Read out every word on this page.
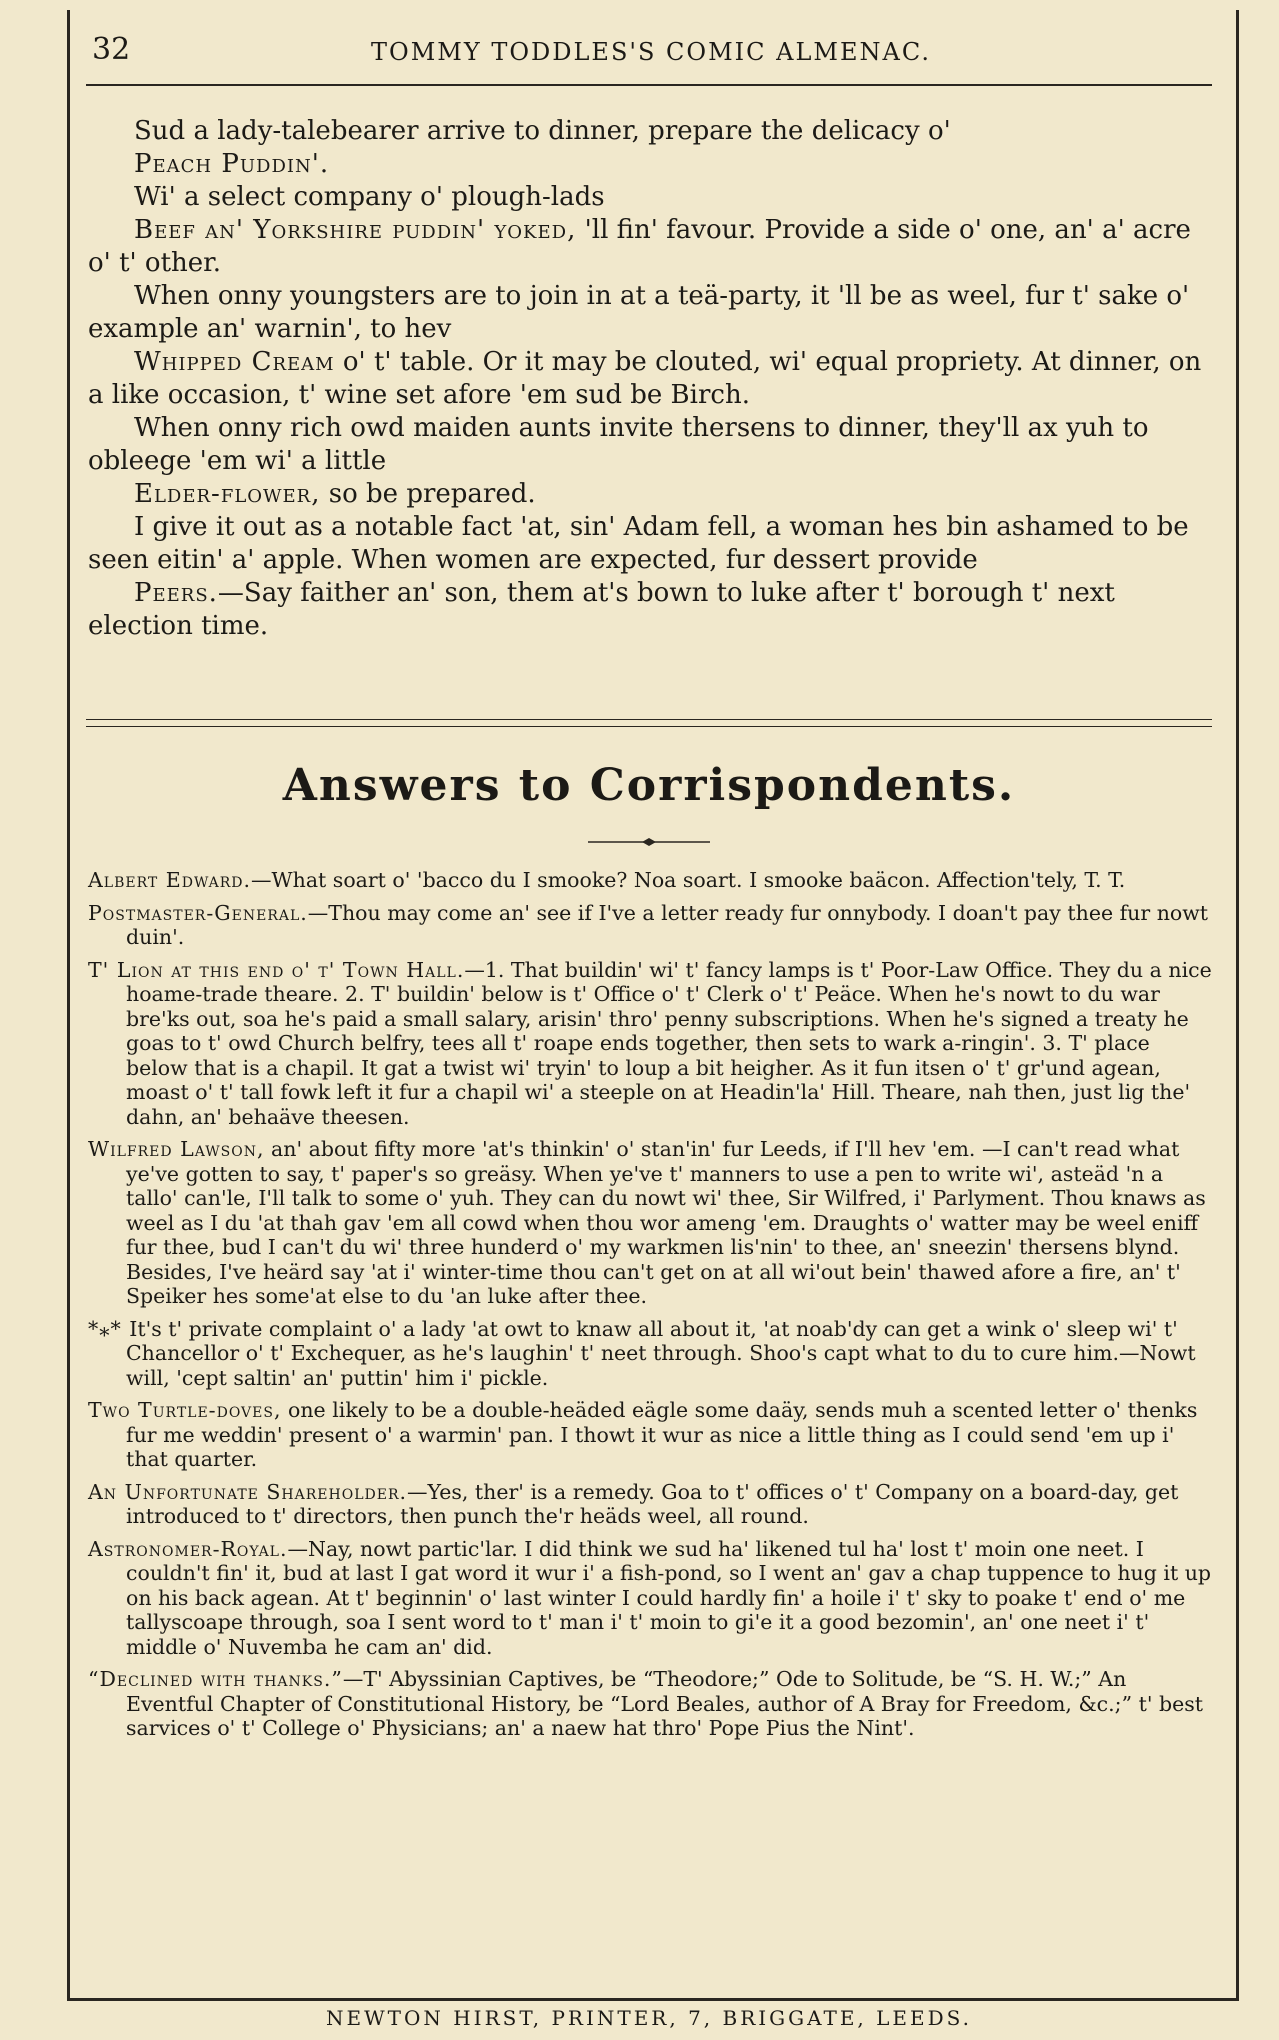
32	TOMMY TODDLES'S COMIC ALMENAC.

Sud a lady-talebearer arrive to dinner, prepare the delicacy o'

Peach Puddin'.

Wi' a select company o' plough-lads

Beef an' Yorkshire puddin' yoked, 'll fin' favour. Provide a side o' one, an' a' acre o' t' other.

When onny youngsters are to join in at a teä-party, it 'll be as weel, fur t' sake o' example an' warnin', to hev

Whipped Cream o' t' table. Or it may be clouted, wi' equal propriety. At dinner, on a like occasion, t' wine set afore 'em sud be Birch.

When onny rich owd maiden aunts invite thersens to dinner, they'll ax yuh to obleege 'em wi' a little

Elder-flower, so be prepared.

I give it out as a notable fact 'at, sin' Adam fell, a woman hes bin ashamed to be seen eitin' a' apple. When women are expected, fur dessert provide

Peers.—Say faither an' son, them at's bown to luke after t' borough t' next election time.

Answers to Corrispondents.

Albert Edward.—What soart o' 'bacco du I smooke? Noa soart. I smooke baäcon. Affection'tely, T. T.

Postmaster-General.—Thou may come an' see if I've a letter ready fur onnybody. I doan't pay thee fur nowt duin'.

T' Lion at this end o' t' Town Hall.—1. That buildin' wi' t' fancy lamps is t' Poor-Law Office. They du a nice hoame-trade theare. 2. T' buildin' below is t' Office o' t' Clerk o' t' Peäce. When he's nowt to du war bre'ks out, soa he's paid a small salary, arisin' thro' penny subscriptions. When he's signed a treaty he goas to t' owd Church belfry, tees all t' roape ends together, then sets to wark a-ringin'. 3. T' place below that is a chapil. It gat a twist wi' tryin' to loup a bit heigher. As it fun itsen o' t' gr'und agean, moast o' t' tall fowk left it fur a chapil wi' a steeple on at Headin'la' Hill. Theare, nah then, just lig the' dahn, an' behaäve theesen.

Wilfred Lawson, an' about fifty more 'at's thinkin' o' stan'in' fur Leeds, if I'll hev 'em. —I can't read what ye've gotten to say, t' paper's so greäsy. When ye've t' manners to use a pen to write wi', asteäd 'n a tallo' can'le, I'll talk to some o' yuh. They can du nowt wi' thee, Sir Wilfred, i' Parlyment. Thou knaws as weel as I du 'at thah gav 'em all cowd when thou wor ameng 'em. Draughts o' watter may be weel eniff fur thee, bud I can't du wi' three hunderd o' my warkmen lis'nin' to thee, an' sneezin' thersens blynd. Besides, I've heärd say 'at i' winter-time thou can't get on at all wi'out bein' thawed afore a fire, an' t' Speiker hes some'at else to du 'an luke after thee.

*⁎* It's t' private complaint o' a lady 'at owt to knaw all about it, 'at noab'dy can get a wink o' sleep wi' t' Chancellor o' t' Exchequer, as he's laughin' t' neet through. Shoo's capt what to du to cure him.—Nowt will, 'cept saltin' an' puttin' him i' pickle.

Two Turtle-doves, one likely to be a double-heäded eägle some daäy, sends muh a scented letter o' thenks fur me weddin' present o' a warmin' pan. I thowt it wur as nice a little thing as I could send 'em up i' that quarter.

An Unfortunate Shareholder.—Yes, ther' is a remedy. Goa to t' offices o' t' Company on a board-day, get introduced to t' directors, then punch the'r heäds weel, all round.

Astronomer-Royal.—Nay, nowt partic'lar. I did think we sud ha' likened tul ha' lost t' moin one neet. I couldn't fin' it, bud at last I gat word it wur i' a fish-pond, so I went an' gav a chap tuppence to hug it up on his back agean. At t' beginnin' o' last winter I could hardly fin' a hoile i' t' sky to poake t' end o' me tallyscoape through, soa I sent word to t' man i' t' moin to gi'e it a good bezomin', an' one neet i' t' middle o' Nuvemba he cam an' did.

“Declined with thanks.”—T' Abyssinian Captives, be “Theodore;” Ode to Solitude, be “S. H. W.;” An Eventful Chapter of Constitutional History, be “Lord Beales, author of A Bray for Freedom, &c.;” t' best sarvices o' t' College o' Physicians; an' a naew hat thro' Pope Pius the Nint'.

NEWTON HIRST, PRINTER, 7, BRIGGATE, LEEDS.
